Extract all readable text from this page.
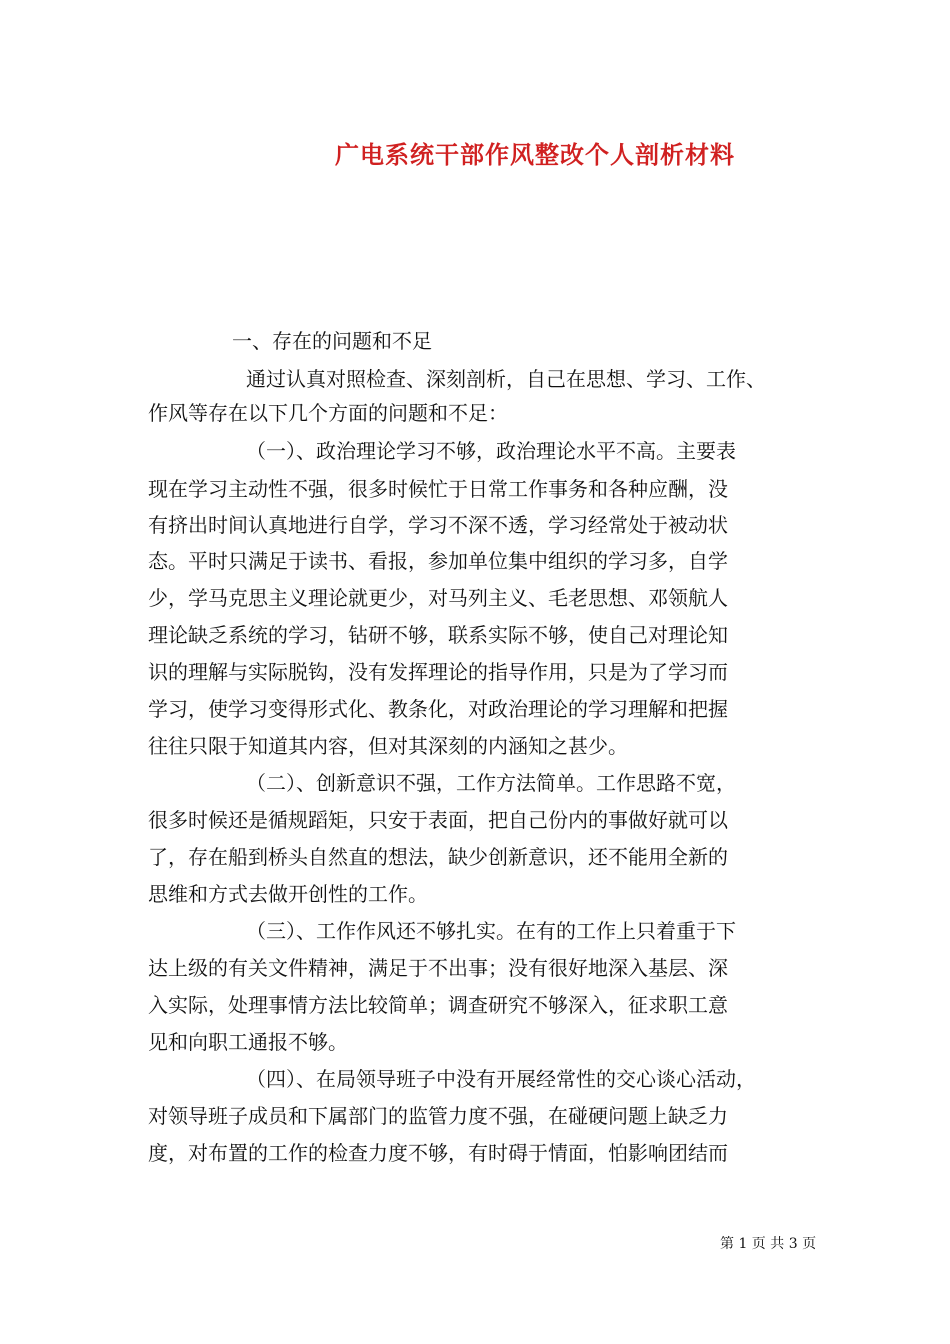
广电系统干部作风整改个人剖析材料
一、存在的问题和不足
通过认真对照检查、深刻剖析，自己在思想、学习、工作、
作风等存在以下几个方面的问题和不足：
（一）、政治理论学习不够，政治理论水平不高。主要表
现在学习主动性不强，很多时候忙于日常工作事务和各种应酬，没
有挤出时间认真地进行自学，学习不深不透，学习经常处于被动状
态。平时只满足于读书、看报，参加单位集中组织的学习多，自学
少，学马克思主义理论就更少，对马列主义、毛老思想、邓领航人
理论缺乏系统的学习，钻研不够，联系实际不够，使自己对理论知
识的理解与实际脱钩，没有发挥理论的指导作用，只是为了学习而
学习，使学习变得形式化、教条化，对政治理论的学习理解和把握
往往只限于知道其内容，但对其深刻的内涵知之甚少。
（二）、创新意识不强，工作方法简单。工作思路不宽，
很多时候还是循规蹈矩，只安于表面，把自己份内的事做好就可以
了，存在船到桥头自然直的想法，缺少创新意识，还不能用全新的
思维和方式去做开创性的工作。
（三）、工作作风还不够扎实。在有的工作上只着重于下
达上级的有关文件精神，满足于不出事；没有很好地深入基层、深
入实际，处理事情方法比较简单；调查研究不够深入，征求职工意
见和向职工通报不够。
（四）、在局领导班子中没有开展经常性的交心谈心活动，
对领导班子成员和下属部门的监管力度不强，在碰硬问题上缺乏力
度，对布置的工作的检查力度不够，有时碍于情面，怕影响团结而
第 1 页 共 3 页
